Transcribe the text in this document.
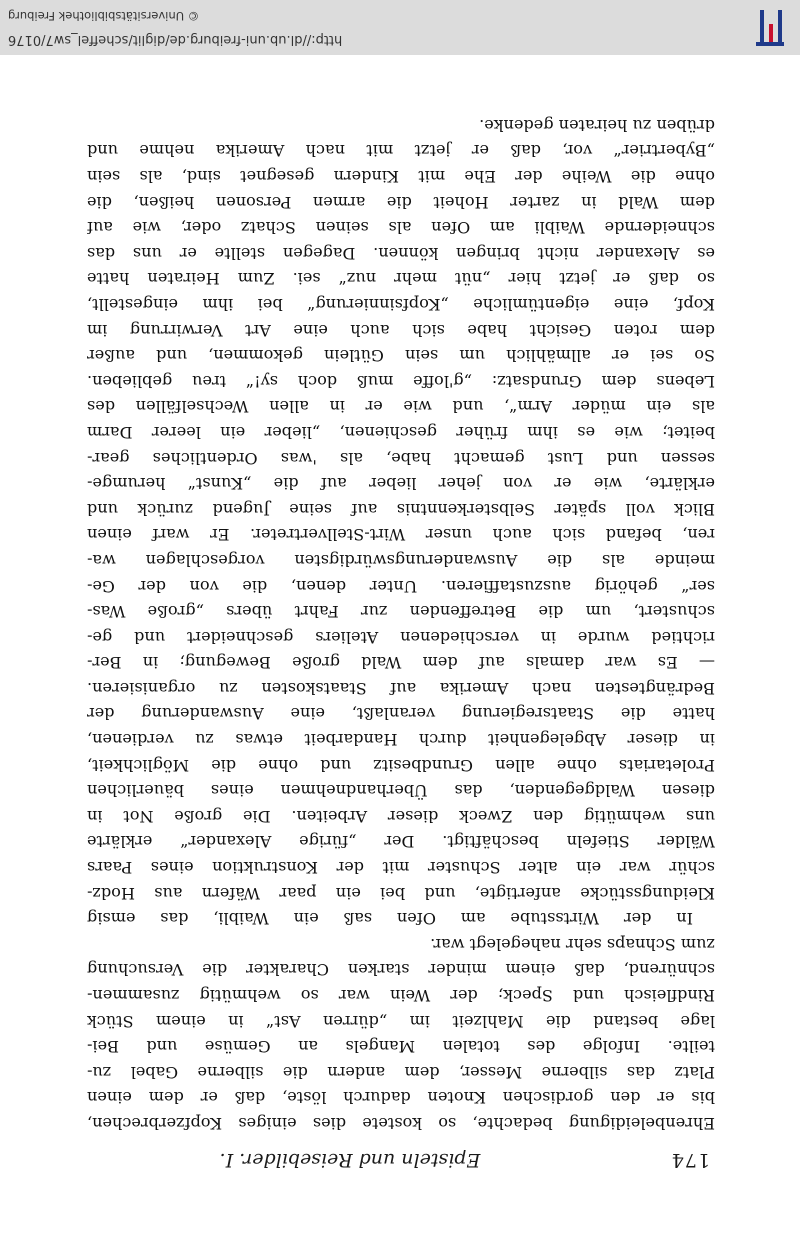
174
Episteln und Reisebilder. I.
Ehrenbeleidigung bedachte, so kostete dies einiges Kopfzerbrechen,
bis er den gordischen Knoten dadurch löste, daß er dem einen
Platz das silberne Messer, dem andern die silberne Gabel zu-
teilte. Infolge des totalen Mangels an Gemüse und Bei-
lage bestand die Mahlzeit im „dürren Ast“ in einem Stück
Rindfleisch und Speck; der Wein war so wehmütig zusammen-
schnürend, daß einem minder starken Charakter die Versuchung
zum Schnaps sehr nahegelegt war.
In der Wirtsstube am Ofen saß ein Waibli, das emsig
Kleidungsstücke anfertigte, und bei ein paar Wäfern aus Hodz-
schür war ein alter Schuster mit der Konstruktion eines Paars
Wälder Stiefeln beschäftigt. Der „fürige Alexander“ erklärte
uns wehmütig den Zweck dieser Arbeiten. Die große Not in
diesen Waldgegenden, das Überhandnehmen eines bäuerlichen
Proletariats ohne allen Grundbesitz und ohne die Möglichkeit,
in dieser Abgelegenheit durch Handarbeit etwas zu verdienen,
hatte die Staatsregierung veranlaßt, eine Auswanderung der
Bedrängtesten nach Amerika auf Staatskosten zu organisieren.
— Es war damals auf dem Wald große Bewegung; in Ber-
richtied wurde in verschiedenen Ateliers geschneidert und ge-
schustert, um die Betreffenden zur Fahrt übers „große Was-
ser“ gehörig auszustaffieren. Unter denen, die von der Ge-
meinde als die Auswanderungswürdigsten vorgeschlagen wa-
ren, befand sich auch unser Wirt-Stellvertreter. Er warf einen
Blick voll später Selbsterkenntnis auf seine Jugend zurück und
erklärte, wie er von jeher lieber auf die „Kunst“ herumge-
sessen und Lust gemacht habe, als 'was Ordentliches gear-
beitet; wie es ihm früher geschienen, „lieber ein leerer Darm
als ein müder Arm“, und wie er in allen Wechselfällen des
Lebens dem Grundsatz: „g'loffe muß doch sy!“ treu geblieben.
So sei er allmählich um sein Gütlein gekommen, und außer
dem roten Gesicht habe sich auch eine Art Verwirrung im
Kopf, eine eigentümliche „Kopfsinnierung“ bei ihm eingestellt,
so daß er jetzt hier „nüt mehr nuz“ sei. Zum Heiraten hatte
es Alexander nicht bringen können. Dagegen stellte er uns das
schneidernde Waibli am Ofen als seinen Schatz oder, wie auf
dem Wald in zarter Hoheit die armen Personen heißen, die
ohne die Weihe der Ehe mit Kindern gesegnet sind, als sein
„Bybertrier“ vor, daß er jetzt mit nach Amerika nehme und
drüben zu heiraten gedenke.
http://dl.ub.uni-freiburg.de/diglit/scheffel_sw7/0176
© Universitätsbibliothek Freiburg
